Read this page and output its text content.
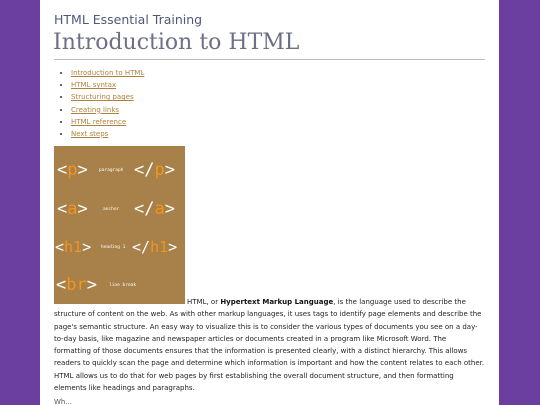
HTML Essential Training
Introduction to HTML
• Introduction to HTML
• HTML syntax
• Structuring pages
• Creating links
• HTML reference
• Next steps
<p>	paragraph </p>
<a>	anchor </a>
<h1> heading 1 </h1>
<br>	line break

HTML, or Hypertext Markup Language, is the language used to describe the structure of content on the web. As with other markup languages, it uses tags to identify page elements and describe the page's semantic structure. An easy way to visualize this is to consider the various types of documents you see on a day-to-day basis, like magazine and newspaper articles or documents created in a program like Microsoft Word. The formatting of those documents ensures that the information is presented clearly, with a distinct hierarchy. This allows readers to quickly scan the page and determine which information is important and how the content relates to each other. HTML allows us to do that for web pages by first establishing the overall document structure, and then formatting elements like headings and paragraphs.

Wh...
